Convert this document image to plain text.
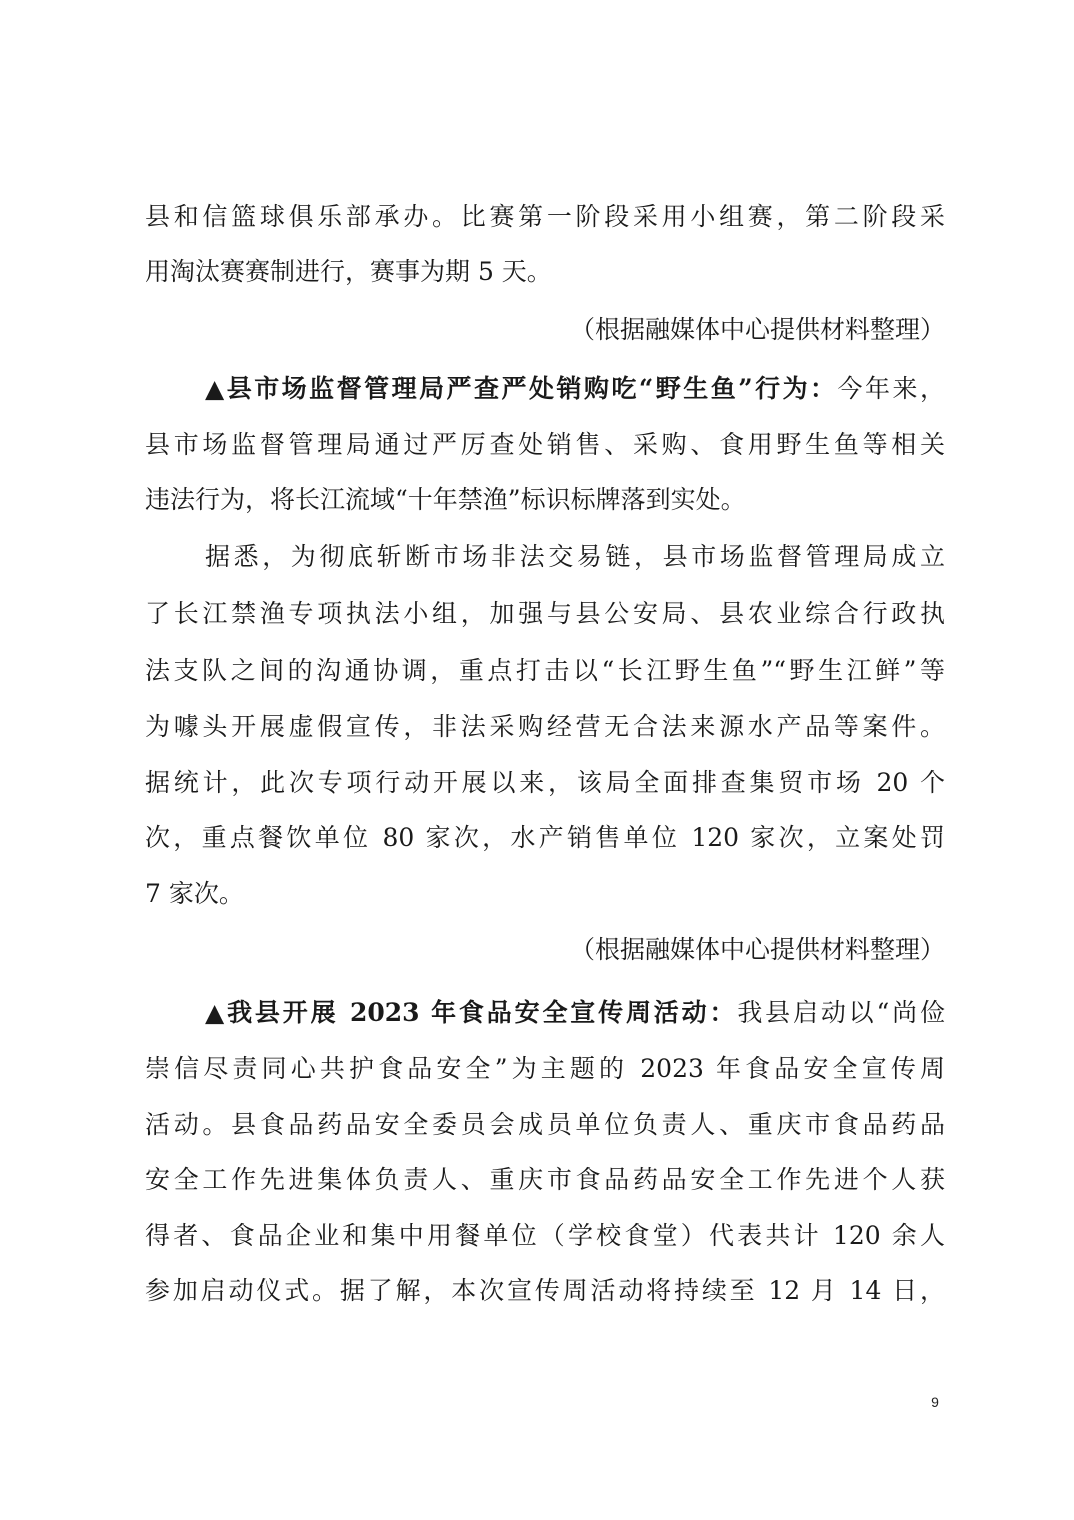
县和信篮球俱乐部承办。比赛第一阶段采用小组赛，第二阶段采
用淘汰赛赛制进行，赛事为期 5 天。
（根据融媒体中心提供材料整理）
▲县市场监督管理局严查严处销购吃“野生鱼”行为：今年来，
县市场监督管理局通过严厉查处销售、采购、食用野生鱼等相关
违法行为，将长江流域“十年禁渔”标识标牌落到实处。
据悉，为彻底斩断市场非法交易链，县市场监督管理局成立
了长江禁渔专项执法小组，加强与县公安局、县农业综合行政执
法支队之间的沟通协调，重点打击以“长江野生鱼”“野生江鲜”等
为噱头开展虚假宣传，非法采购经营无合法来源水产品等案件。
据统计，此次专项行动开展以来，该局全面排查集贸市场 20 个
次，重点餐饮单位 80 家次，水产销售单位 120 家次，立案处罚
7 家次。
（根据融媒体中心提供材料整理）
▲我县开展 2023 年食品安全宣传周活动：我县启动以“尚俭
崇信尽责同心共护食品安全”为主题的 2023 年食品安全宣传周
活动。县食品药品安全委员会成员单位负责人、重庆市食品药品
安全工作先进集体负责人、重庆市食品药品安全工作先进个人获
得者、食品企业和集中用餐单位（学校食堂）代表共计 120 余人
参加启动仪式。据了解，本次宣传周活动将持续至 12 月 14 日，
9
